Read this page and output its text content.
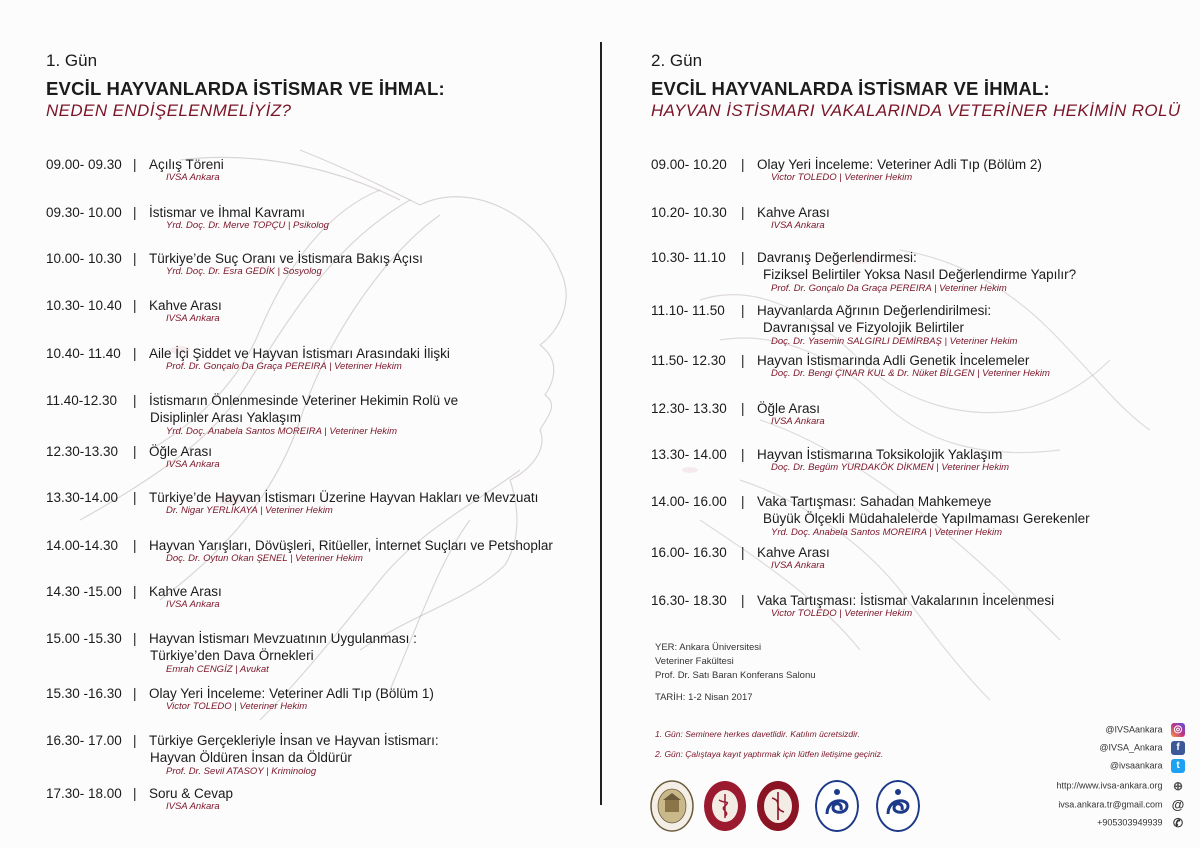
1. Gün
EVCİL HAYVANLARDA İSTİSMAR VE İHMAL:
NEDEN ENDİŞELENMELİYİZ?
09.00- 09.30 | Açılış Töreni
IVSA Ankara
09.30- 10.00 | İstismar ve İhmal Kavramı
Yrd. Doç. Dr. Merve TOPÇU | Psikolog
10.00- 10.30 | Türkiye’de Suç Oranı ve İstismara Bakış Açısı
Yrd. Doç. Dr. Esra GEDİK | Sosyolog
10.30- 10.40 | Kahve Arası
IVSA Ankara
10.40- 11.40 | Aile İçi Şiddet ve Hayvan İstismarı Arasındaki İlişki
Prof. Dr. Gonçalo Da Graça PEREIRA | Veteriner Hekim
11.40-12.30 | İstismarın Önlenmesinde Veteriner Hekimin Rolü ve
Disiplinler Arası Yaklaşım
Yrd. Doç. Anabela Santos MOREIRA | Veteriner Hekim
12.30-13.30 | Öğle Arası
IVSA Ankara
13.30-14.00 | Türkiye’de Hayvan İstismarı Üzerine Hayvan Hakları ve Mevzuatı
Dr. Nigar YERLİKAYA | Veteriner Hekim
14.00-14.30 | Hayvan Yarışları, Dövüşleri, Ritüeller, İnternet Suçları ve Petshoplar
Doç. Dr. Oytun Okan ŞENEL | Veteriner Hekim
14.30 -15.00 | Kahve Arası
IVSA Ankara
15.00 -15.30 | Hayvan İstismarı Mevzuatının Uygulanması :
Türkiye’den Dava Örnekleri
Emrah CENGİZ | Avukat
15.30 -16.30 | Olay Yeri İnceleme: Veteriner Adli Tıp (Bölüm 1)
Victor TOLEDO | Veteriner Hekim
16.30- 17.00 | Türkiye Gerçekleriyle İnsan ve Hayvan İstismarı:
Hayvan Öldüren İnsan da Öldürür
Prof. Dr. Sevil ATASOY | Kriminolog
17.30- 18.00 | Soru & Cevap
IVSA Ankara
2. Gün
EVCİL HAYVANLARDA İSTİSMAR VE İHMAL:
HAYVAN İSTİSMARI VAKALARINDA VETERİNER HEKİMİN ROLÜ
09.00- 10.20 | Olay Yeri İnceleme: Veteriner Adli Tıp (Bölüm 2)
Victor TOLEDO | Veteriner Hekim
10.20- 10.30 | Kahve Arası
IVSA Ankara
10.30- 11.10 | Davranış Değerlendirmesi:
Fiziksel Belirtiler Yoksa Nasıl Değerlendirme Yapılır?
Prof. Dr. Gonçalo Da Graça PEREIRA | Veteriner Hekim
11.10- 11.50 | Hayvanlarda Ağrının Değerlendirilmesi:
Davranışsal ve Fizyolojik Belirtiler
Doç. Dr. Yasemin SALGIRLI DEMİRBAŞ | Veteriner Hekim
11.50- 12.30 | Hayvan İstismarında Adli Genetik İncelemeler
Doç. Dr. Bengi ÇINAR KUL & Dr. Nüket BİLGEN | Veteriner Hekim
12.30- 13.30 | Öğle Arası
IVSA Ankara
13.30- 14.00 | Hayvan İstismarına Toksikolojik Yaklaşım
Doç. Dr. Begüm YURDAKÖK DİKMEN | Veteriner Hekim
14.00- 16.00 | Vaka Tartışması: Sahadan Mahkemeye
Büyük Ölçekli Müdahalelerde Yapılmaması Gerekenler
Yrd. Doç. Anabela Santos MOREIRA | Veteriner Hekim
16.00- 16.30 | Kahve Arası
IVSA Ankara
16.30- 18.30 | Vaka Tartışması: İstismar Vakalarının İncelenmesi
Victor TOLEDO | Veteriner Hekim
YER: Ankara Üniversitesi
Veteriner Fakültesi
Prof. Dr. Satı Baran Konferans Salonu
TARİH: 1-2 Nisan 2017
1. Gün: Seminere herkes davetlidir. Katılım ücretsizdir.
2. Gün: Çalıştaya kayıt yaptırmak için lütfen iletişime geçiniz.
@IVSAankara ◎
@IVSA_Ankara f
@ivsaankara t
http://www.ivsa-ankara.org ⊕
ivsa.ankara.tr@gmail.com @
+905303949939 ✆
